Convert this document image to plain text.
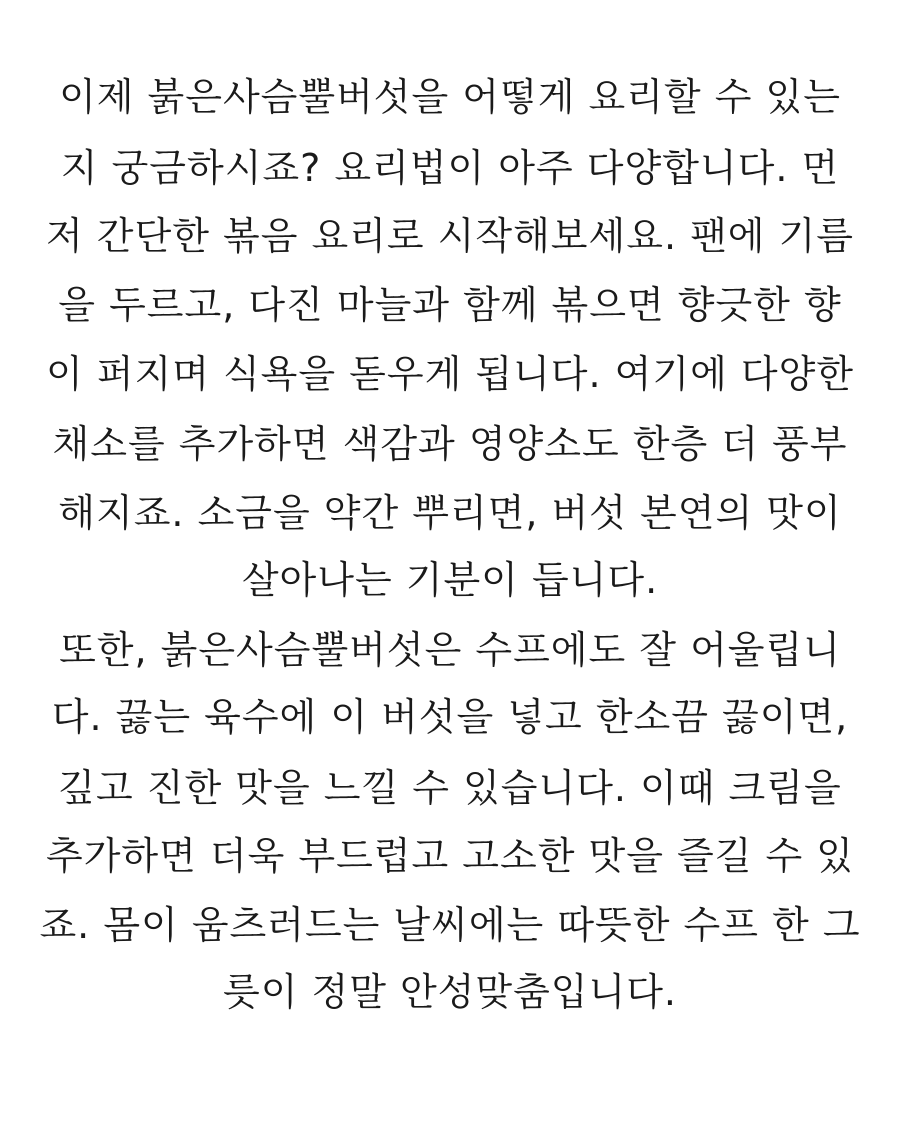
이제 붉은사슴뿔버섯을 어떻게 요리할 수 있는
지 궁금하시죠? 요리법이 아주 다양합니다. 먼
저 간단한 볶음 요리로 시작해보세요. 팬에 기름
을 두르고, 다진 마늘과 함께 볶으면 향긋한 향
이 퍼지며 식욕을 돋우게 됩니다. 여기에 다양한
채소를 추가하면 색감과 영양소도 한층 더 풍부
해지죠. 소금을 약간 뿌리면, 버섯 본연의 맛이
살아나는 기분이 듭니다.
또한, 붉은사슴뿔버섯은 수프에도 잘 어울립니
다. 끓는 육수에 이 버섯을 넣고 한소끔 끓이면,
깊고 진한 맛을 느낄 수 있습니다. 이때 크림을
추가하면 더욱 부드럽고 고소한 맛을 즐길 수 있
죠. 몸이 움츠러드는 날씨에는 따뜻한 수프 한 그
릇이 정말 안성맞춤입니다.
